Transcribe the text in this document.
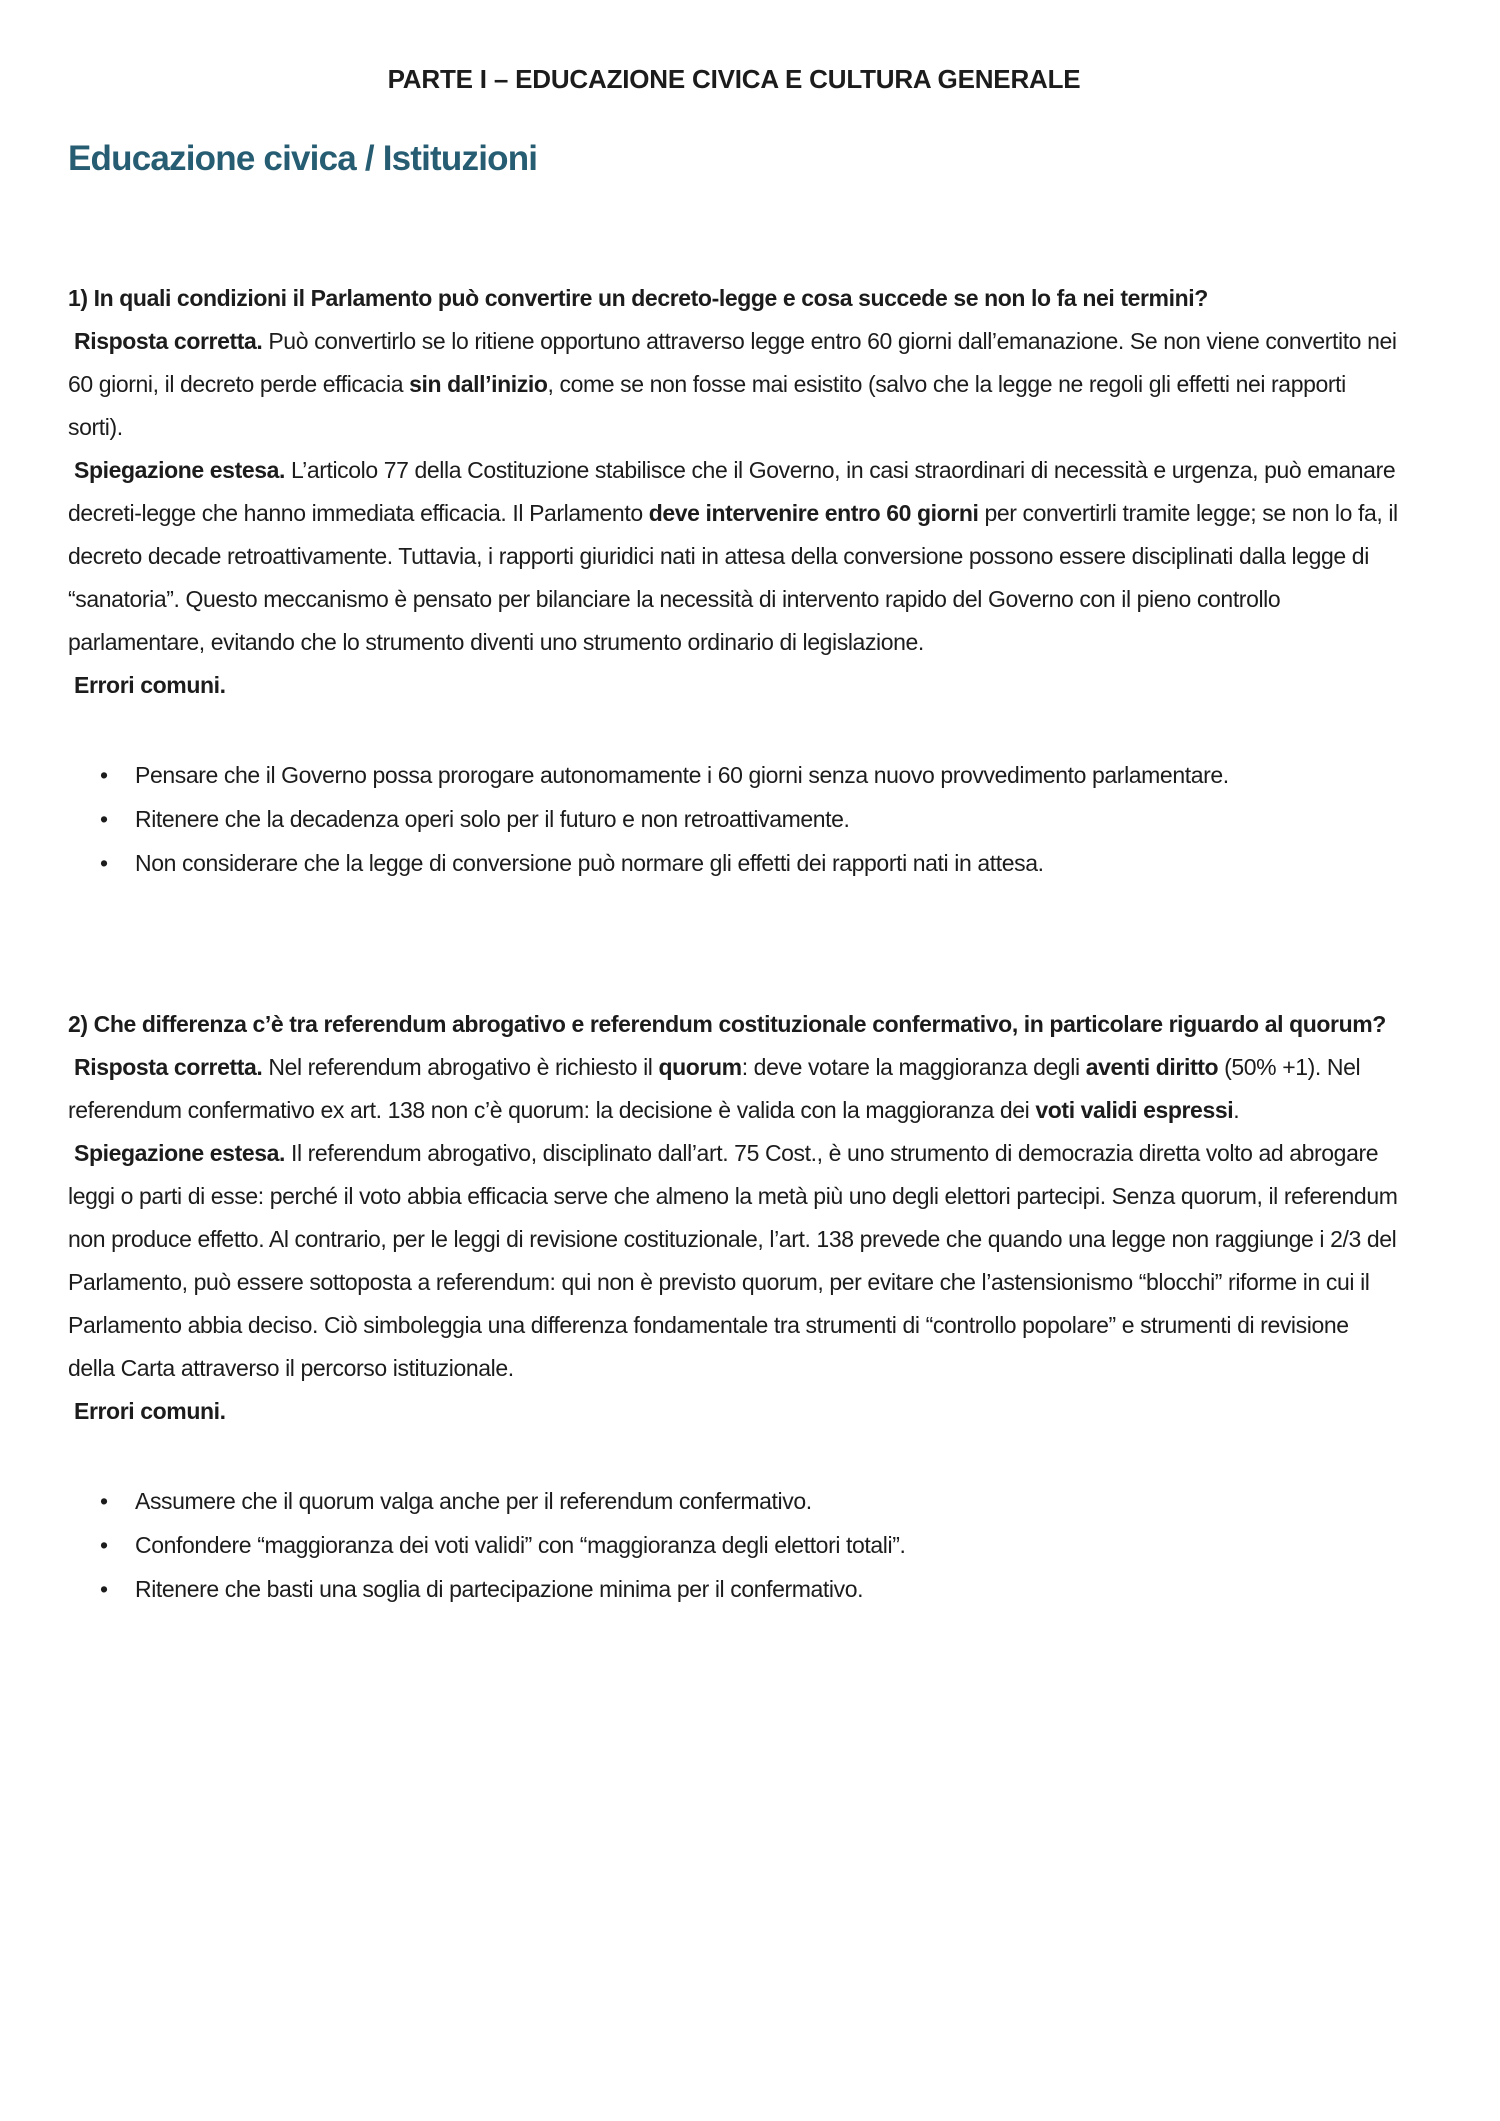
PARTE I – EDUCAZIONE CIVICA E CULTURA GENERALE
Educazione civica / Istituzioni
1) In quali condizioni il Parlamento può convertire un decreto-legge e cosa succede se non lo fa nei termini?

Risposta corretta. Può convertirlo se lo ritiene opportuno attraverso legge entro 60 giorni dall’emanazione. Se non viene convertito nei 60 giorni, il decreto perde efficacia sin dall’inizio, come se non fosse mai esistito (salvo che la legge ne regoli gli effetti nei rapporti sorti).

Spiegazione estesa. L’articolo 77 della Costituzione stabilisce che il Governo, in casi straordinari di necessità e urgenza, può emanare decreti-legge che hanno immediata efficacia. Il Parlamento deve intervenire entro 60 giorni per convertirli tramite legge; se non lo fa, il decreto decade retroattivamente. Tuttavia, i rapporti giuridici nati in attesa della conversione possono essere disciplinati dalla legge di “sanatoria”. Questo meccanismo è pensato per bilanciare la necessità di intervento rapido del Governo con il pieno controllo parlamentare, evitando che lo strumento diventi uno strumento ordinario di legislazione.

Errori comuni.

• Pensare che il Governo possa prorogare autonomamente i 60 giorni senza nuovo provvedimento parlamentare.
• Ritenere che la decadenza operi solo per il futuro e non retroattivamente.
• Non considerare che la legge di conversione può normare gli effetti dei rapporti nati in attesa.
2) Che differenza c’è tra referendum abrogativo e referendum costituzionale confermativo, in particolare riguardo al quorum?

Risposta corretta. Nel referendum abrogativo è richiesto il quorum: deve votare la maggioranza degli aventi diritto (50% +1). Nel referendum confermativo ex art. 138 non c’è quorum: la decisione è valida con la maggioranza dei voti validi espressi.

Spiegazione estesa. Il referendum abrogativo, disciplinato dall’art. 75 Cost., è uno strumento di democrazia diretta volto ad abrogare leggi o parti di esse: perché il voto abbia efficacia serve che almeno la metà più uno degli elettori partecipi. Senza quorum, il referendum non produce effetto. Al contrario, per le leggi di revisione costituzionale, l’art. 138 prevede che quando una legge non raggiunge i 2/3 del Parlamento, può essere sottoposta a referendum: qui non è previsto quorum, per evitare che l’astensionismo “blocchi” riforme in cui il Parlamento abbia deciso. Ciò simboleggia una differenza fondamentale tra strumenti di “controllo popolare” e strumenti di revisione della Carta attraverso il percorso istituzionale.

Errori comuni.

• Assumere che il quorum valga anche per il referendum confermativo.
• Confondere “maggioranza dei voti validi” con “maggioranza degli elettori totali”.
• Ritenere che basti una soglia di partecipazione minima per il confermativo.
